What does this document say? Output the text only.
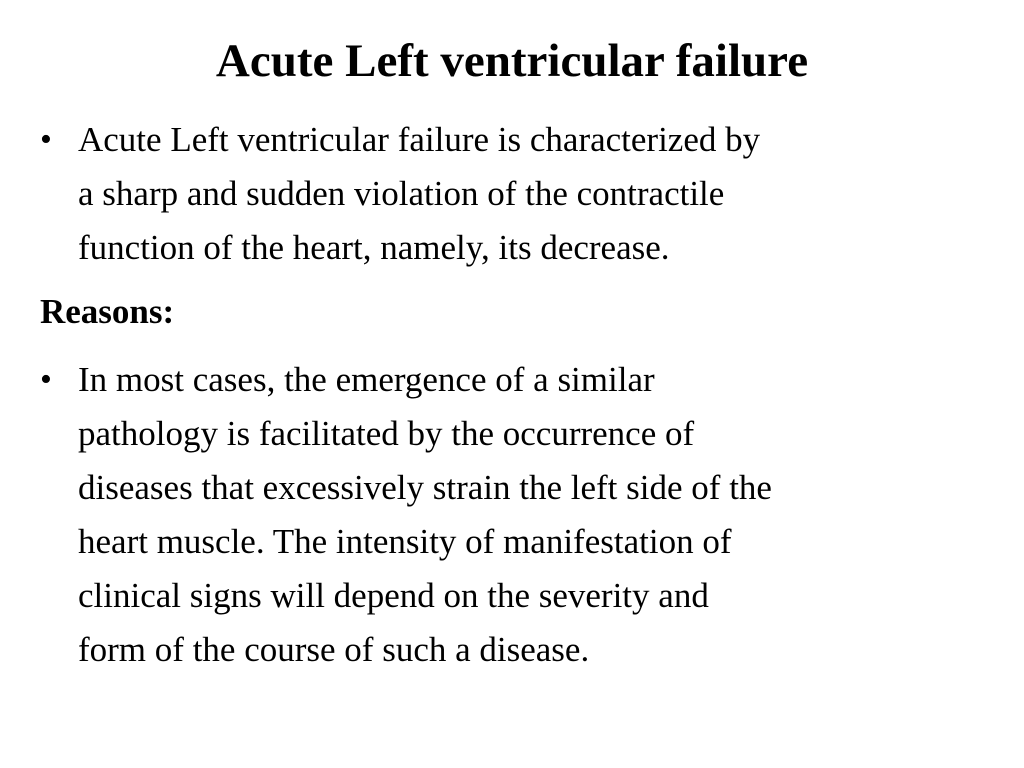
Acute Left ventricular failure
• Acute Left ventricular failure is characterized by
a sharp and sudden violation of the contractile
function of the heart, namely, its decrease.
Reasons:
• In most cases, the emergence of a similar
pathology is facilitated by the occurrence of
diseases that excessively strain the left side of the
heart muscle. The intensity of manifestation of
clinical signs will depend on the severity and
form of the course of such a disease.
